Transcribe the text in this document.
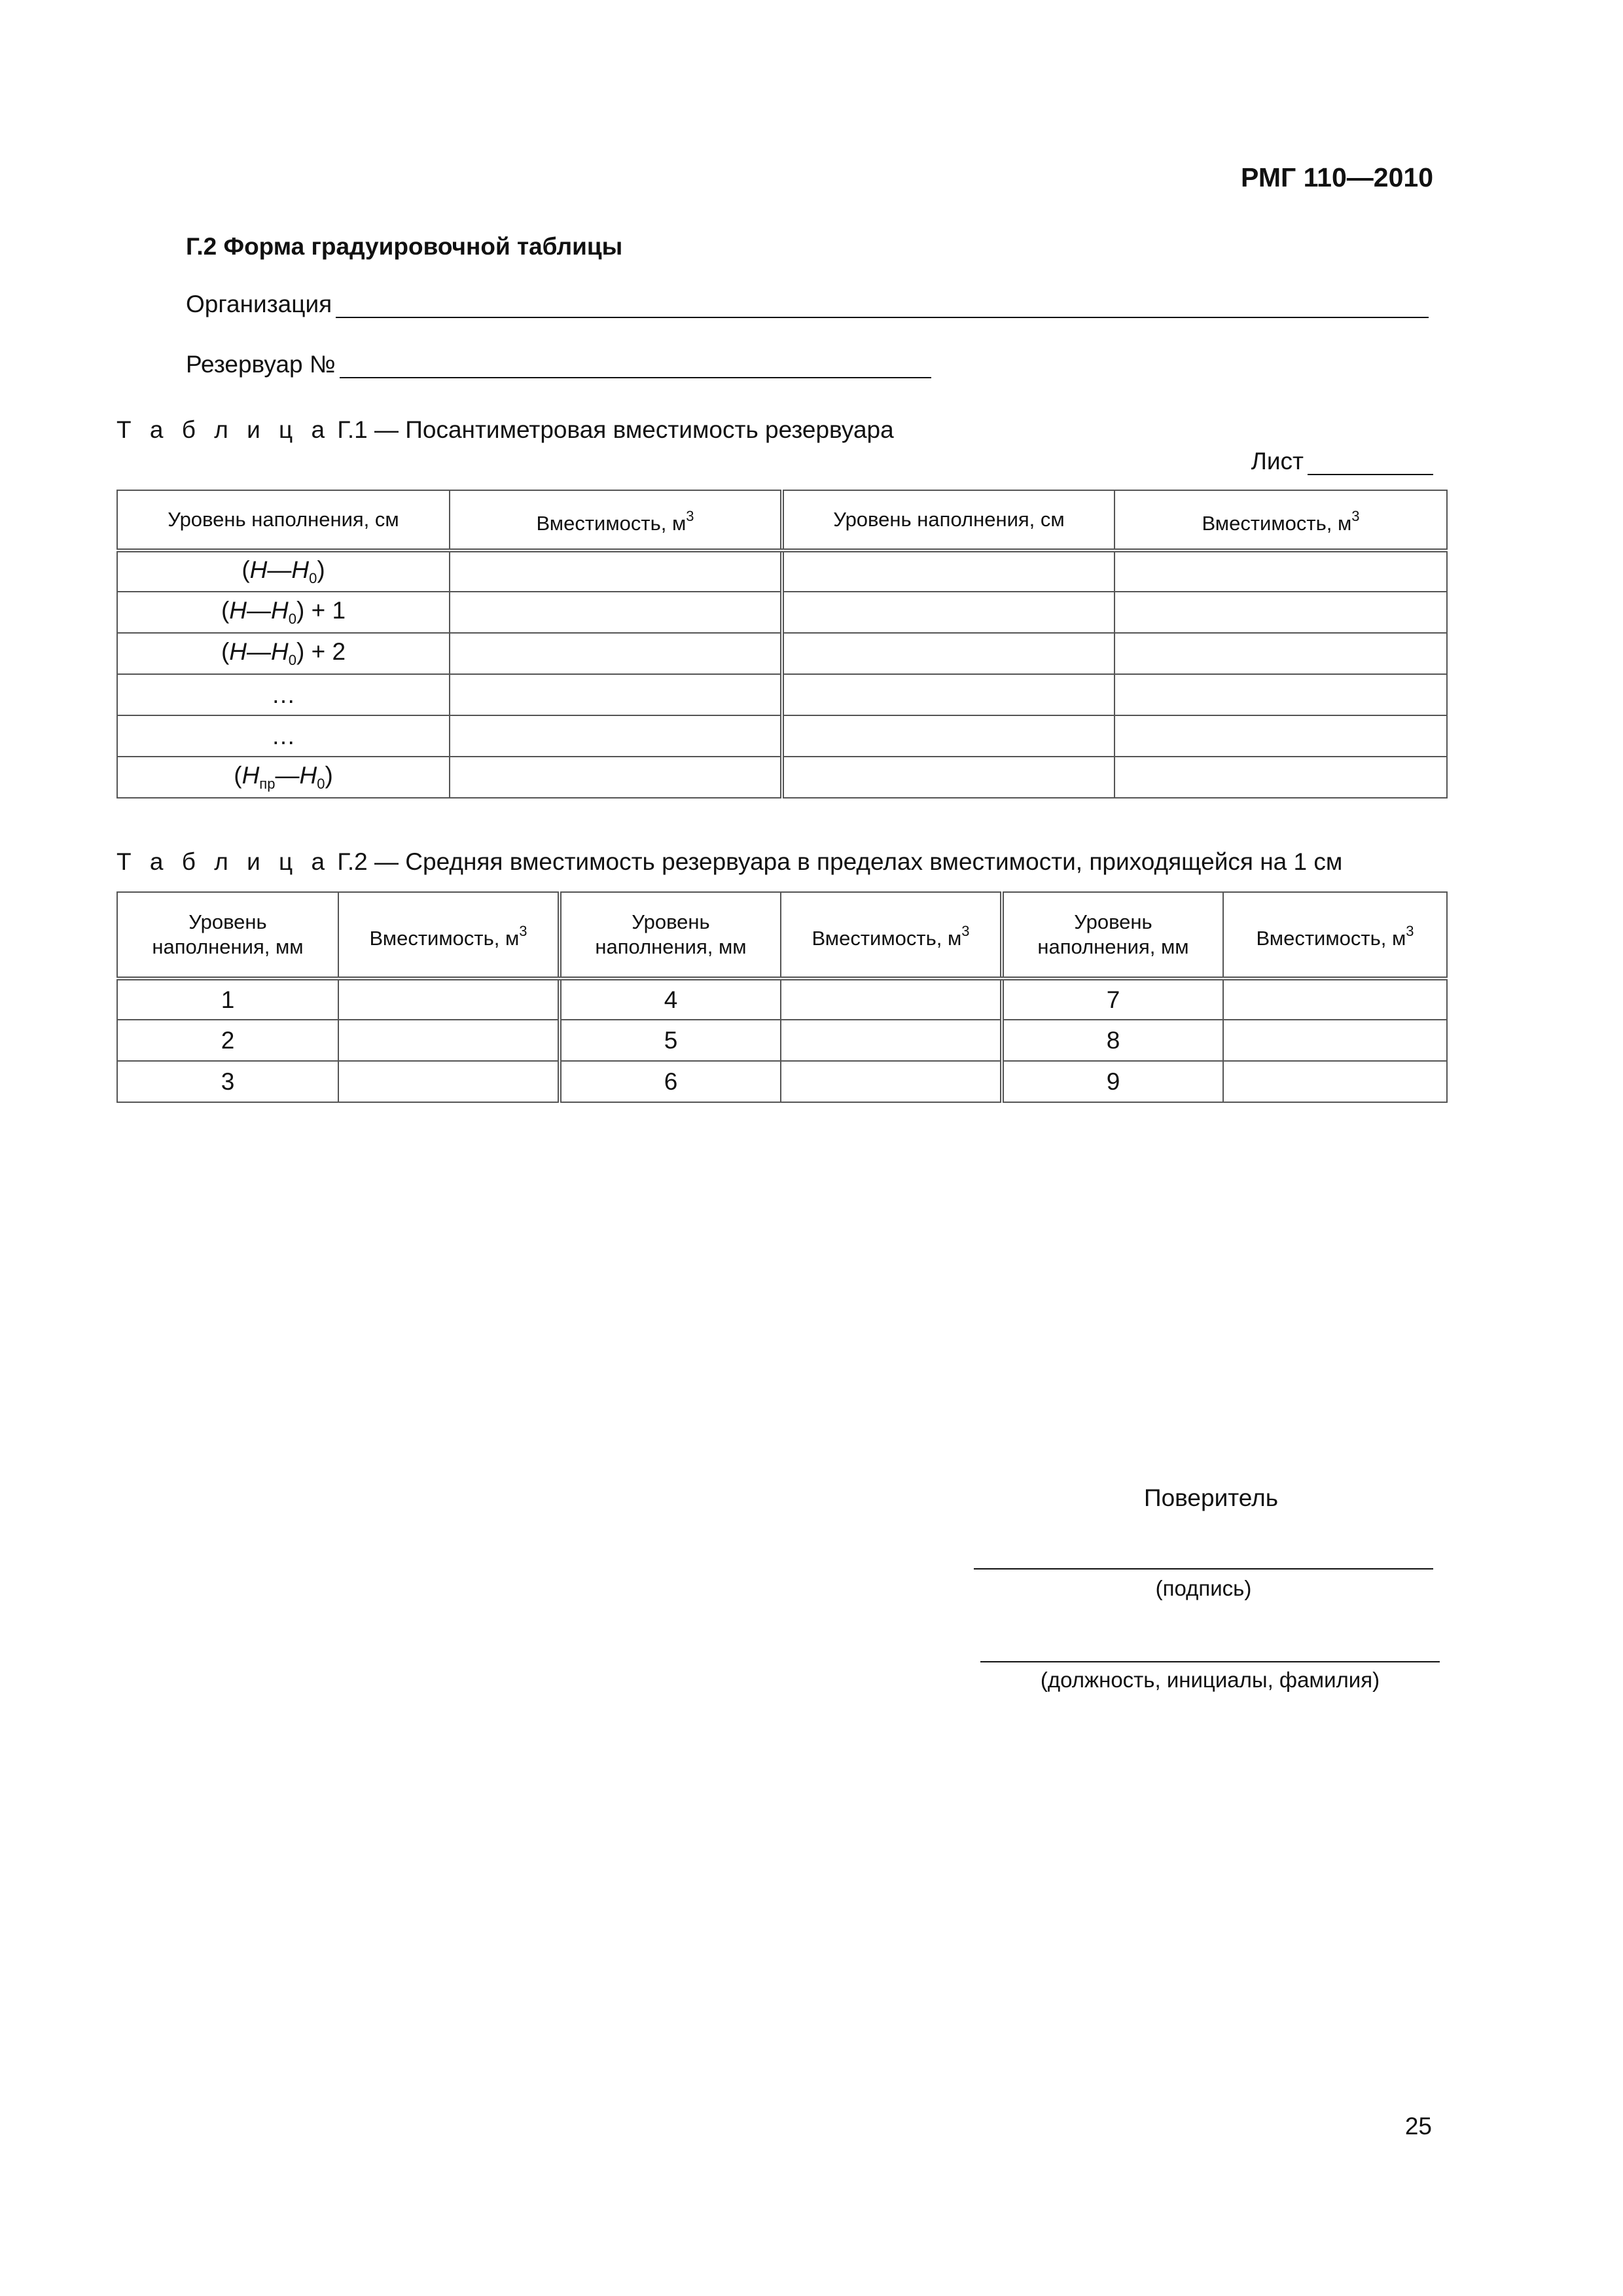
РМГ 110—2010
Г.2 Форма градуировочной таблицы
Организация
Резервуар №
Т а б л и ц а Г.1 — Посантиметровая вместимость резервуара
Лист
Уровень наполнения, см	Вместимость, $м^3$	Уровень наполнения, см	Вместимость, $м^3$
$(H—H_0)$			
$(H—H_0) + 1$			
$(H—H_0) + 2$			
…			
…			
$(H_{пр}—H_0)$			
Т а б л и ц а Г.2 — Средняя вместимость резервуара в пределах вместимости, приходящейся на 1 см
Уровень
наполнения, мм	Вместимость, $м^3$	Уровень
наполнения, мм	Вместимость, $м^3$	Уровень
наполнения, мм	Вместимость, $м^3$
1		4		7	
2		5		8	
3		6		9	
Поверитель
(подпись)
(должность, инициалы, фамилия)
25
